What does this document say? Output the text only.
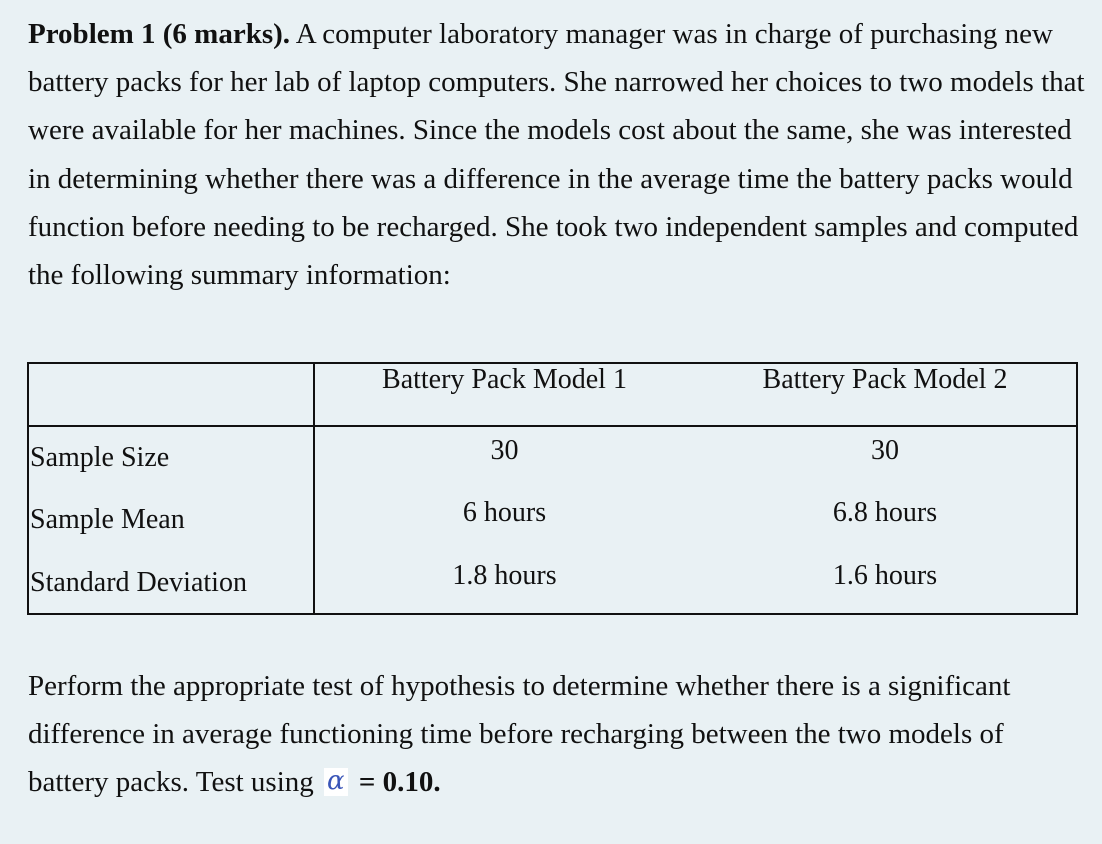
Problem 1 (6 marks). A computer laboratory manager was in charge of purchasing new battery packs for her lab of laptop computers. She narrowed her choices to two models that were available for her machines. Since the models cost about the same, she was interested in determining whether there was a difference in the average time the battery packs would function before needing to be recharged. She took two independent samples and computed the following summary information:

	Battery Pack Model 1	Battery Pack Model 2
Sample Size	30	30
Sample Mean	6 hours	6.8 hours
Standard Deviation	1.8 hours	1.6 hours

Perform the appropriate test of hypothesis to determine whether there is a significant difference in average functioning time before recharging between the two models of battery packs. Test using α = 0.10.
